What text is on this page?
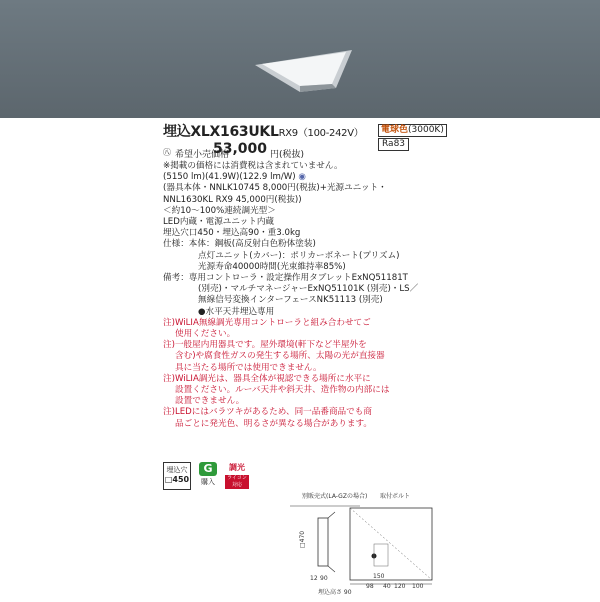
埋込XLX163UKLRX9（100-242V）	電球色(3000K)
㊇ 希望小売価格
53,000 円(税抜)
Ra83
※掲載の価格には消費税は含まれていません。
(5150 lm)(41.9W)(122.9 lm/W) ◉
(器具本体・NNLK10745 8,000円(税抜)+光源ユニット・
NNL1630KL RX9 45,000円(税抜))
＜約10～100%連続調光型＞
LED内蔵・電源ユニット内蔵
埋込穴口450・埋込高90・重3.0kg
仕様：本体：鋼板(高反射白色粉体塗装)
点灯ユニット(カバー)：ポリカーボネート(プリズム)
光源寿命40000時間(光束維持率85%)
備考：専用コントローラ・設定操作用タブレットExNQ51181T
(別売)・マルチマネージャーExNQ51101K (別売)・LS／
無線信号変換インターフェースNK51113 (別売)
●水平天井埋込専用
注)WiLIA無線調光専用コントローラと組み合わせてご
使用ください。
注)一般屋内用器具です。屋外環境(軒下など半屋外を
含む)や腐食性ガスの発生する場所、太陽の光が直接器
具に当たる場所では使用できません。
注)WiLIA調光は、器具全体が視認できる場所に水平に
設置ください。ルーバ天井や斜天井、造作物の内部には
設置できません。
注)LEDにはバラツキがあるため、同一品番商品でも商
品ごとに発光色、明るさが異なる場合があります。
埋込穴
□450
G
購入
調光
ライコン対応
別販売式(LA-GZの場合) 取付ボルト
□470
12 90	150
98 40 120 100
埋込高さ 90
